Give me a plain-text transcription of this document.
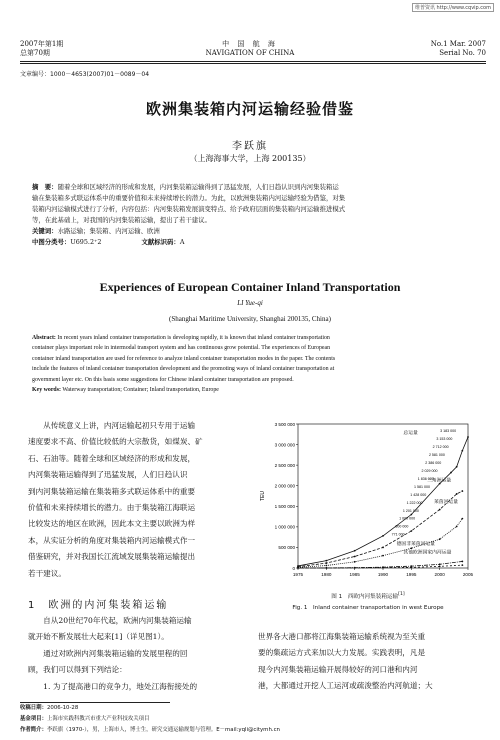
维普资讯 http://www.cqvip.com
2007年第1期
总第70期
中 国 航 海
NAVIGATION OF CHINA
No.1 Mar. 2007
Serial No. 70
文章编号：1000－4653(2007)01－0089－04
欧洲集装箱内河运输经验借鉴
李跃旗
（上海海事大学，上海 200135）
摘　要：随着全球和区域经济的形成和发展，内河集装箱运输得到了迅猛发展，人们日趋认识到内河集装箱运
输在集装箱多式联运体系中的重要价值和未来持续增长的潜力。为此，以欧洲集装箱内河运输经验为借鉴，对集
装箱内河运输模式进行了分析，内容包括：内河集装箱发展演变特点、给予政府层面的集装箱内河运输推进模式
等，在此基础上，对我国的内河集装箱运输，提出了若干建议。
关键词：水路运输；集装箱、内河运输、欧洲
中图分类号：U695.2⁺2	文献标识码：A
Experiences of European Container Inland Transportation
LI Yue-qi
(Shanghai Maritime University, Shanghai 200135, China)
Abstract: In recent years inland container transportation is developing rapidly, it is known that inland container transportation
container plays important role in intermodal transport system and has continuous grow potential. The experiences of European
container inland transportation are used for reference to analyze inland container transportation modes in the paper. The contents
include the features of inland container transportation development and the promoting ways of inland container transportation at
government layer etc. On this basis some suggestions for Chinese inland container transportation are proposed.
Key words: Waterway transportation; Container; Inland transportation, Europe
　　从传统意义上讲，内河运输起初只专用于运输
速度要求不高、价值比较低的大宗散货，如煤炭、矿
石、石油等。随着全球和区域经济的形成和发展，
内河集装箱运输得到了迅猛发展，人们日趋认识
到内河集装箱运输在集装箱多式联运体系中的重要
价值和未来持续增长的潜力。由于集装箱江海联运
比较发达的地区在欧洲，因此本文主要以欧洲为样
本，从实证分析的角度对集装箱内河运输模式作一
借鉴研究，并对我国长江流域发展集装箱运输提出
若干建议。
1　欧洲的内河集装箱运输
　　自从20世纪70年代起，欧洲内河集装箱运输
就开始不断发展壮大起来[1]（详见图1）。
　　通过对欧洲内河集装箱运输的发展里程的回
顾，我们可以得到下列结论：
　　1. 为了提高港口的竞争力，地处江海衔接处的
0
500 000
1 000 000
1 500 000
2 000 000
2 500 000
3 000 000
3 500 000
1975	1980	1985	1990	1995	2000	2005
TEU
总运量
三角洲运量
莱茵河运量
德国非莱茵河运量
其他欧洲国家内河运量
3 183 000
3 153 000
2 712 000
2 581 000
2 386 000
2 029 000
1 836 000
1 581 000
1 428 000
1 222 000
1 201 000
1 000 000
800 000
771 000
图 1　西欧内河集装箱运输[1]
Fig. 1　Inland container transportation in west Europe
世界各大港口都将江海集装箱运输系统视为至关重
要的集疏运方式来加以大力发展。实践表明，凡是
现今内河集装箱运输开展得较好的河口港和内河
港，大都通过开挖人工运河或疏浚整治内河航道；大
收稿日期：2006-10-28
基金项目：上海市实践科教兴市重大产业科技攻关项目
作者简介：李跃旗（1970-），男，上海市人，博士生，研究交通运输规划与管理。E－mail:yqli@citymh.cn
